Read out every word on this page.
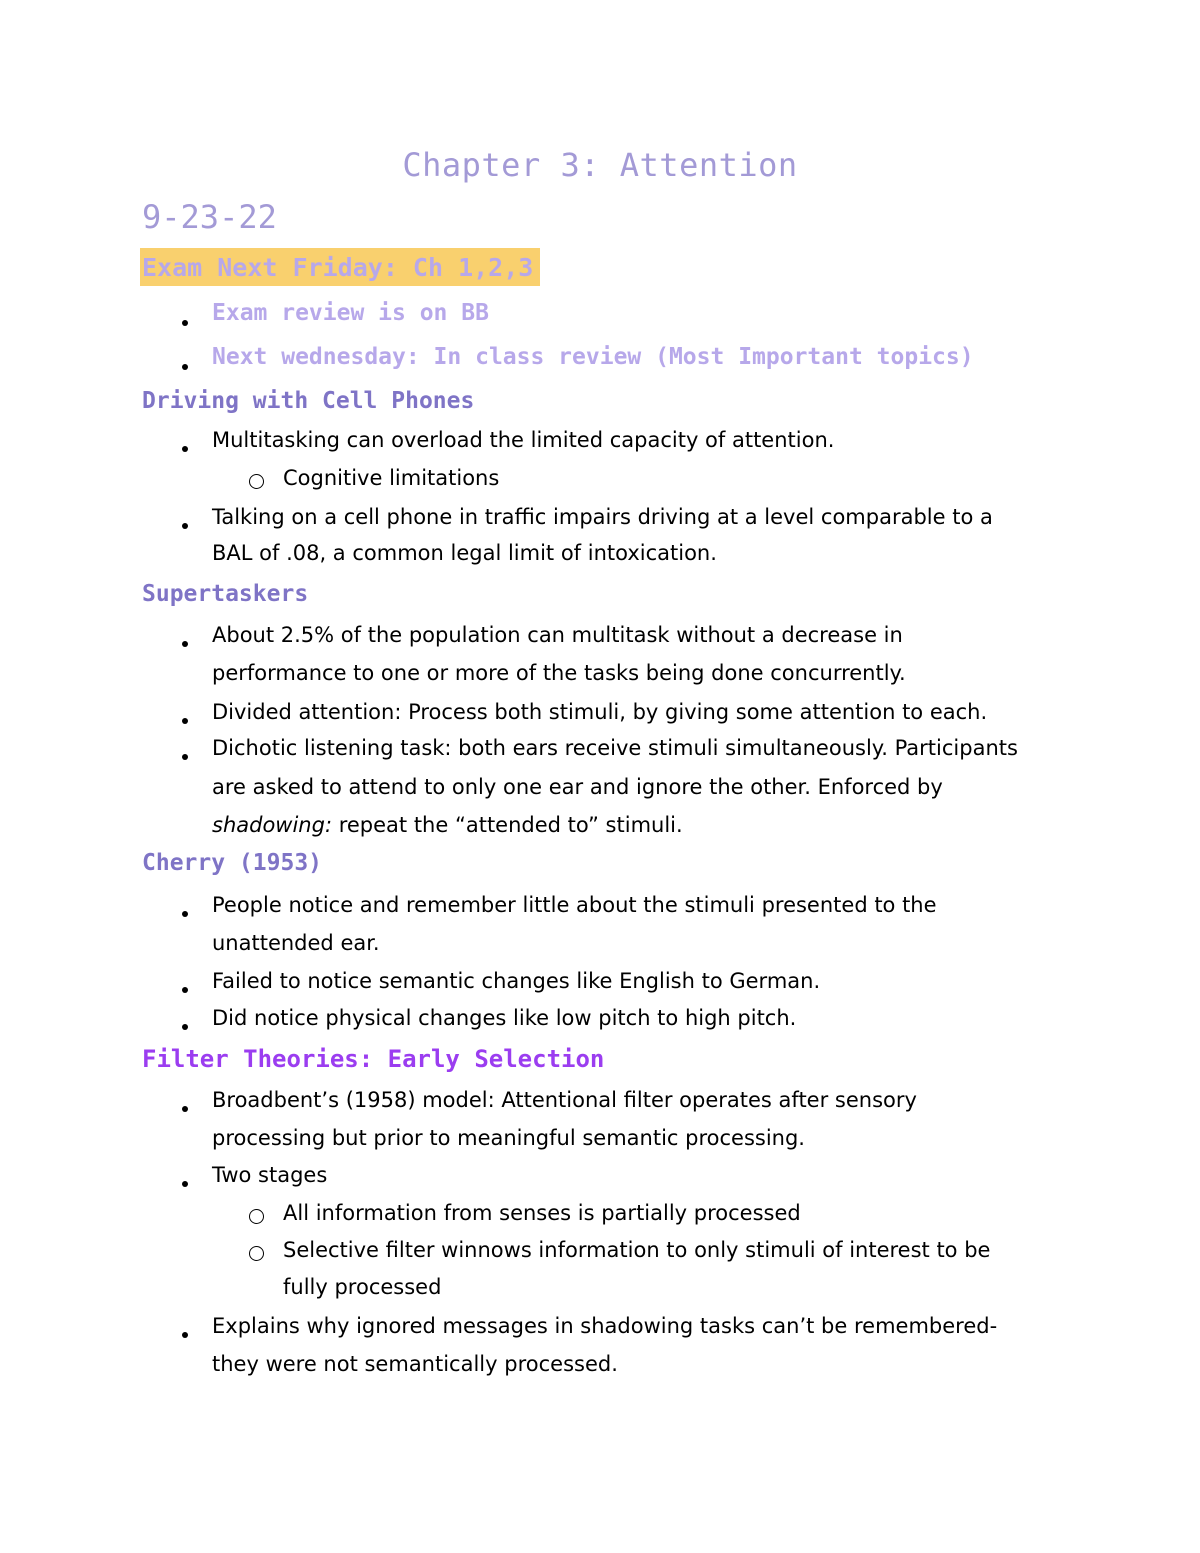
Chapter 3: Attention
9-23-22
Exam Next Friday: Ch 1,2,3
Exam review is on BB
Next wednesday: In class review (Most Important topics)
Driving with Cell Phones
Multitasking can overload the limited capacity of attention.
Cognitive limitations
Talking on a cell phone in traffic impairs driving at a level comparable to a
BAL of .08, a common legal limit of intoxication.
Supertaskers
About 2.5% of the population can multitask without a decrease in
performance to one or more of the tasks being done concurrently.
Divided attention: Process both stimuli, by giving some attention to each.
Dichotic listening task: both ears receive stimuli simultaneously. Participants
are asked to attend to only one ear and ignore the other. Enforced by
shadowing: repeat the “attended to” stimuli.
Cherry (1953)
People notice and remember little about the stimuli presented to the
unattended ear.
Failed to notice semantic changes like English to German.
Did notice physical changes like low pitch to high pitch.
Filter Theories: Early Selection
Broadbent’s (1958) model: Attentional filter operates after sensory
processing but prior to meaningful semantic processing.
Two stages
All information from senses is partially processed
Selective filter winnows information to only stimuli of interest to be
fully processed
Explains why ignored messages in shadowing tasks can’t be remembered-
they were not semantically processed.
